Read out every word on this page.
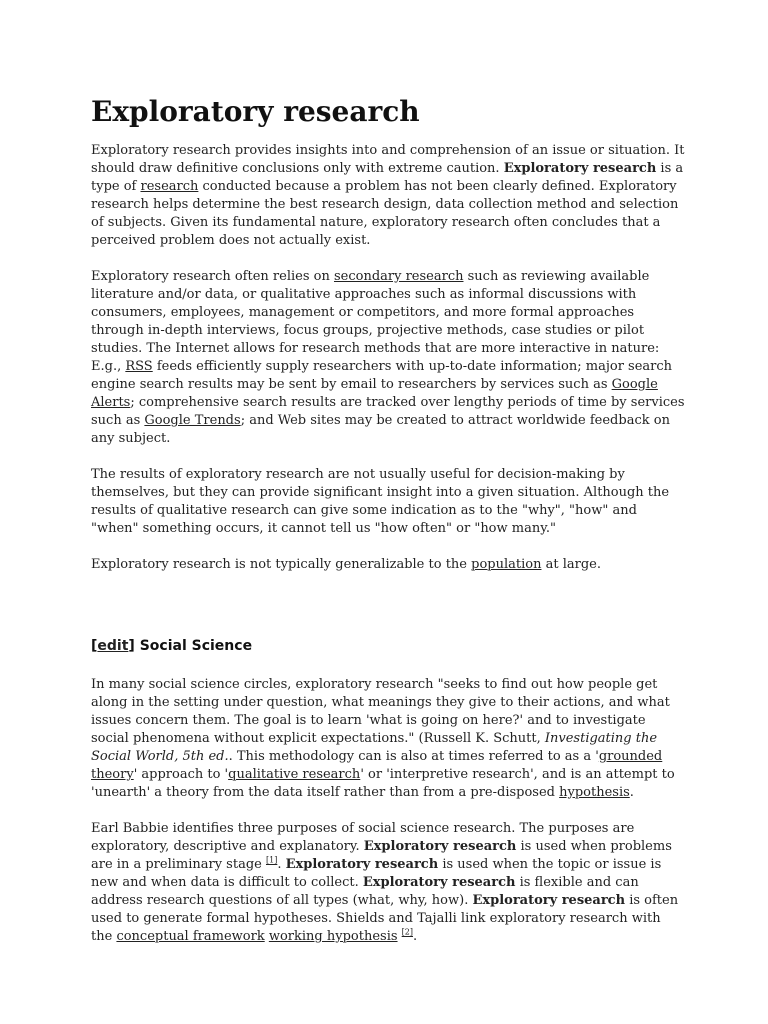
Exploratory research

Exploratory research provides insights into and comprehension of an issue or situation. It should draw definitive conclusions only with extreme caution. Exploratory research is a type of research conducted because a problem has not been clearly defined. Exploratory research helps determine the best research design, data collection method and selection of subjects. Given its fundamental nature, exploratory research often concludes that a perceived problem does not actually exist.

Exploratory research often relies on secondary research such as reviewing available literature and/or data, or qualitative approaches such as informal discussions with consumers, employees, management or competitors, and more formal approaches through in-depth interviews, focus groups, projective methods, case studies or pilot studies. The Internet allows for research methods that are more interactive in nature: E.g., RSS feeds efficiently supply researchers with up-to-date information; major search engine search results may be sent by email to researchers by services such as Google Alerts; comprehensive search results are tracked over lengthy periods of time by services such as Google Trends; and Web sites may be created to attract worldwide feedback on any subject.

The results of exploratory research are not usually useful for decision-making by themselves, but they can provide significant insight into a given situation. Although the results of qualitative research can give some indication as to the "why", "how" and "when" something occurs, it cannot tell us "how often" or "how many."

Exploratory research is not typically generalizable to the population at large.

[edit] Social Science

In many social science circles, exploratory research "seeks to find out how people get along in the setting under question, what meanings they give to their actions, and what issues concern them. The goal is to learn 'what is going on here?' and to investigate social phenomena without explicit expectations." (Russell K. Schutt, Investigating the Social World, 5th ed.. This methodology can is also at times referred to as a 'grounded theory' approach to 'qualitative research' or 'interpretive research', and is an attempt to 'unearth' a theory from the data itself rather than from a pre-disposed hypothesis.

Earl Babbie identifies three purposes of social science research. The purposes are exploratory, descriptive and explanatory. Exploratory research is used when problems are in a preliminary stage [1]. Exploratory research is used when the topic or issue is new and when data is difficult to collect. Exploratory research is flexible and can address research questions of all types (what, why, how). Exploratory research is often used to generate formal hypotheses. Shields and Tajalli link exploratory research with the conceptual framework working hypothesis [2].
